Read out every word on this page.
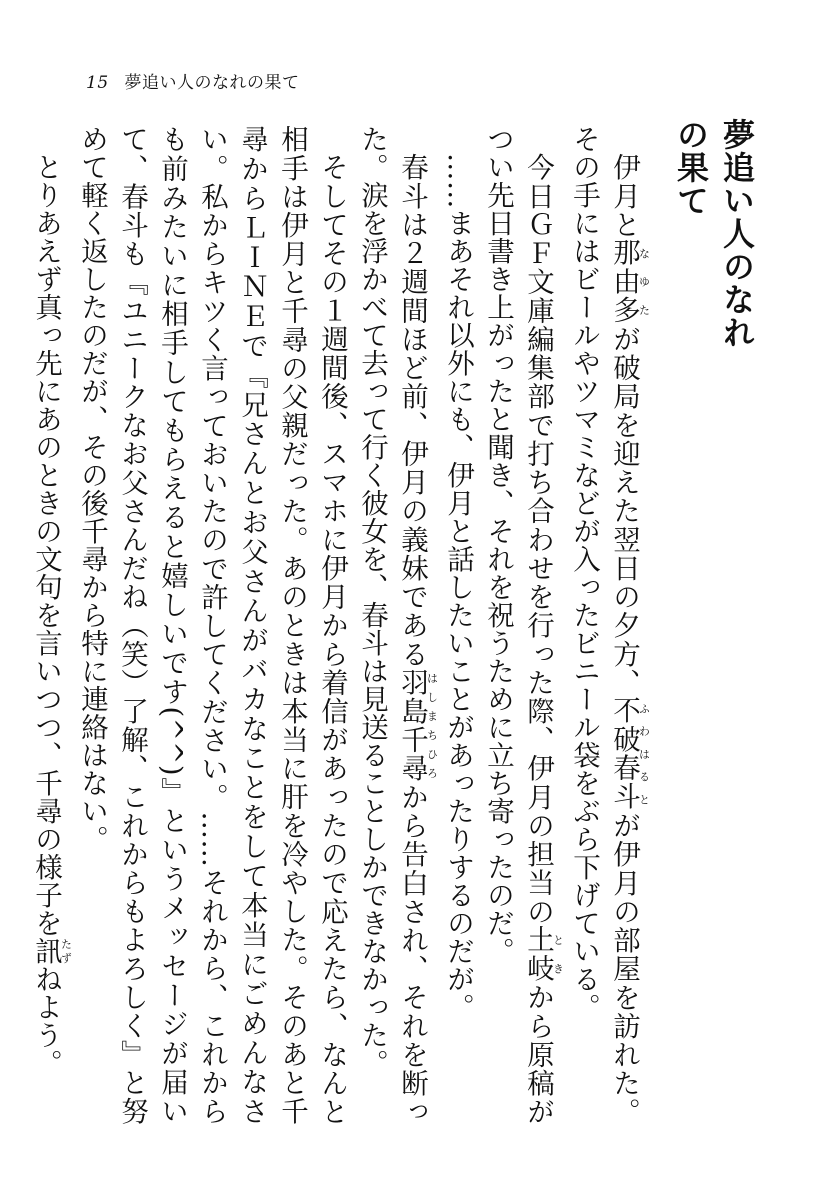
15 夢追い人のなれの果て
夢追い人のなれの果て

伊月と那由多なゆたが破局を迎えた翌日の夕方、不破春斗ふわはるとが伊月の部屋を訪れた。その手にはビールやツマミなどが入ったビニール袋をぶら下げている。

今日ＧＦ文庫編集部で打ち合わせを行った際、伊月の担当の土岐ときから原稿がつい先日書き上がったと聞き、それを祝うために立ち寄ったのだ。

……まあそれ以外にも、伊月と話したいことがあったりするのだが。

春斗は２週間ほど前、伊月の義妹である羽島千尋はしまちひろから告白され、それを断った。涙を浮かべて去って行く彼女を、春斗は見送ることしかできなかった。

そしてその１週間後、スマホに伊月から着信があったので応えたら、なんと相手は伊月と千尋の父親だった。あのときは本当に肝を冷やした。そのあと千尋からＬＩＮＥで『兄さんとお父さんがバカなことをして本当にごめんなさい。私からキツく言っておいたので許してください。……それから、これからも前みたいに相手してもらえると嬉しいです(^^)』というメッセージが届いて、春斗も『ユニークなお父さんだね（笑）了解、これからもよろしく』と努めて軽く返したのだが、その後千尋から特に連絡はない。

とりあえず真っ先にあのときの文句を言いつつ、千尋の様子を訊たずねよう。
